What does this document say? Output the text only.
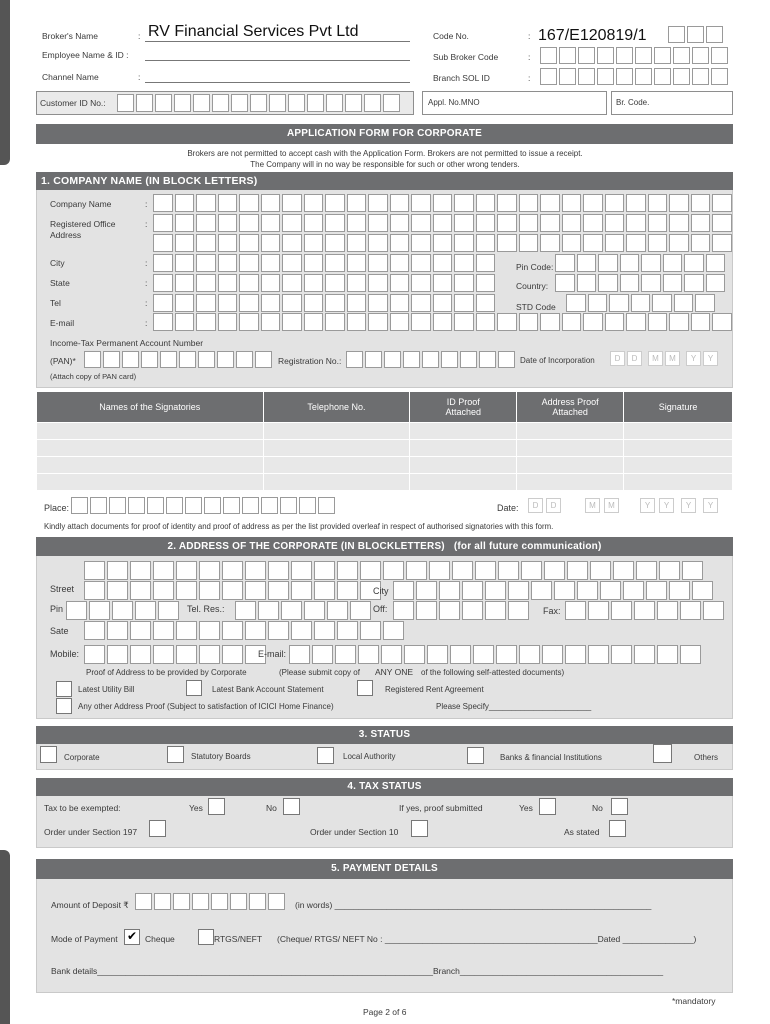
Broker's Name	: RV Financial Services Pvt Ltd
Employee Name & ID :
Channel Name	:
Code No.	: 167/E120819/1
Sub Broker Code	:
Branch SOL ID	:
Customer ID No.:	Appl. No.MNO	Br. Code.
APPLICATION FORM FOR CORPORATE
Brokers are not permitted to accept cash with the Application Form. Brokers are not permitted to issue a receipt.
The Company will in no way be responsible for such or other wrong tenders.
1. COMPANY NAME (IN BLOCK LETTERS)
Company Name	:
Registered Office
Address
:
City	:	Pin Code:
State	:	Country:
Tel	:	STD Code
E-mail	:
Income-Tax Permanent Account Number
(PAN)*
(Attach copy of PAN card)
Registration No.:	Date of Incorporation	D	D	M	M	Y	Y
Names of the Signatories	Telephone No.	ID Proof Attached	Address Proof Attached	Signature

Place:	Date:	D	D	M	M	Y	Y	Y	Y
Kindly attach documents for proof of identity and proof of address as per the list provided overleaf in respect of authorised signatories with this form.
2. ADDRESS OF THE CORPORATE (IN BLOCKLETTERS) (for all future communication)
Street	City
Pin	Tel. Res.:	Off:	Fax:
Sate
Mobile:	E-mail:
Proof of Address to be provided by Corporate	(Please submit copy of ANY ONE of the following self-attested documents)
Latest Utility Bill	Latest Bank Account Statement	Registered Rent Agreement
Any other Address Proof (Subject to satisfaction of ICICI Home Finance)	Please Specify_______________________
3. STATUS
Corporate	Statutory Boards	Local Authority	Banks & financial Institutions	Others
4. TAX STATUS
Tax to be exempted:	Yes	No	If yes, proof submitted	Yes	No
Order under Section 197	Order under Section 10	As stated
5. PAYMENT DETAILS
Amount of Deposit ₹	(in words) ___________________________________________________________________
Mode of Payment ✔ Cheque	RTGS/NEFT (Cheque/ RTGS/ NEFT No : _____________________________________________Dated _______________)
Bank details_______________________________________________________________________Branch___________________________________________
*mandatory
Page 2 of 6
